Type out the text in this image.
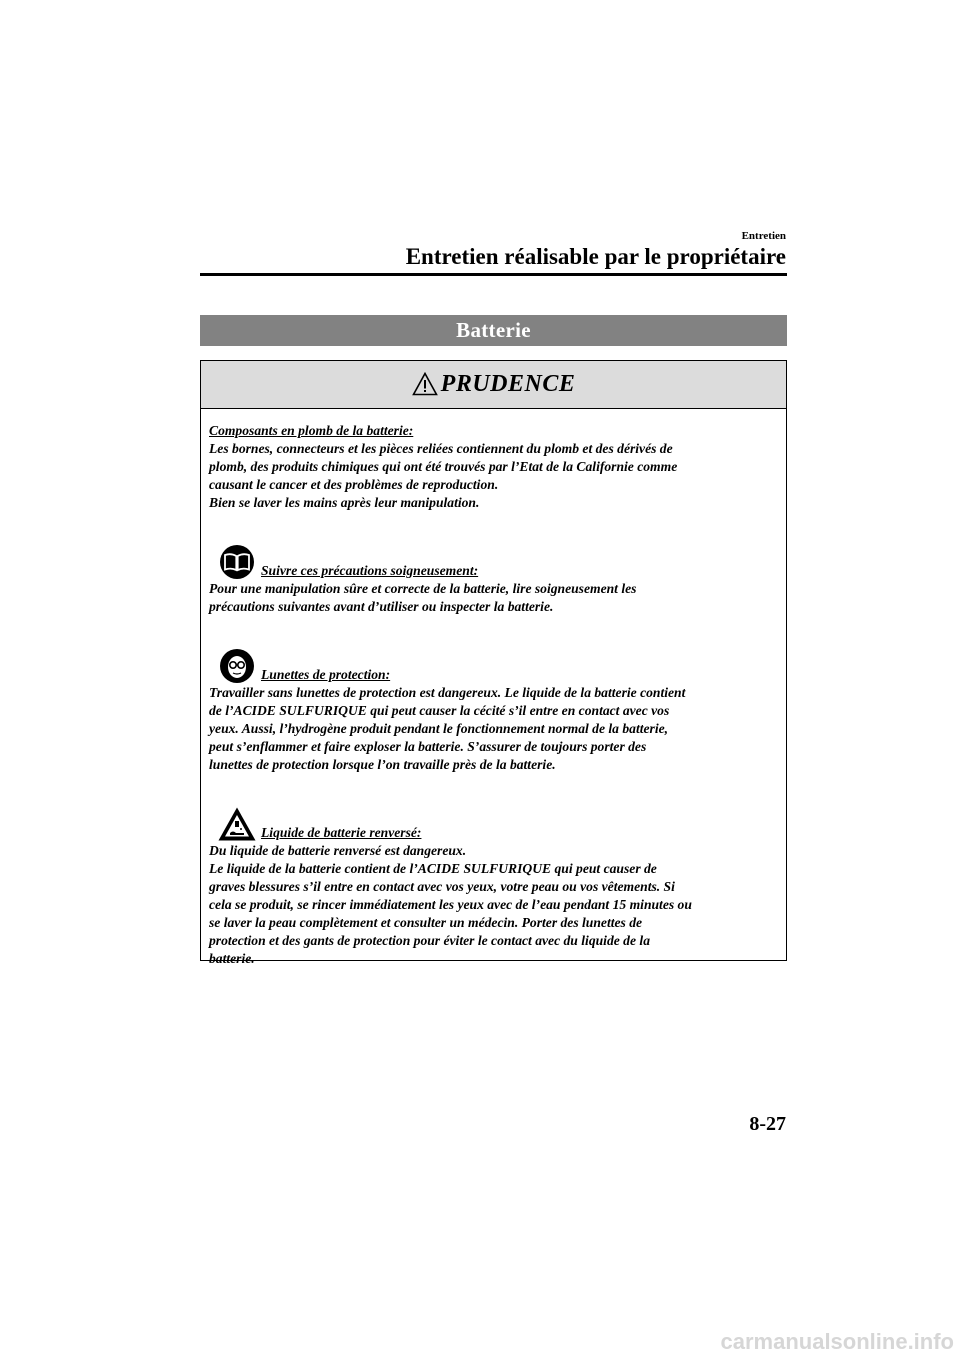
Entretien
Entretien réalisable par le propriétaire
Batterie
PRUDENCE

Composants en plomb de la batterie:

Les bornes, connecteurs et les pièces reliées contiennent du plomb et des dérivés de

plomb, des produits chimiques qui ont été trouvés par l’Etat de la Californie comme

causant le cancer et des problèmes de reproduction.

Bien se laver les mains après leur manipulation.

Suivre ces précautions soigneusement:

Pour une manipulation sûre et correcte de la batterie, lire soigneusement les

précautions suivantes avant d’utiliser ou inspecter la batterie.

Lunettes de protection:

Travailler sans lunettes de protection est dangereux. Le liquide de la batterie contient

de l’ACIDE SULFURIQUE qui peut causer la cécité s’il entre en contact avec vos

yeux. Aussi, l’hydrogène produit pendant le fonctionnement normal de la batterie,

peut s’enflammer et faire exploser la batterie. S’assurer de toujours porter des

lunettes de protection lorsque l’on travaille près de la batterie.

Liquide de batterie renversé:

Du liquide de batterie renversé est dangereux.

Le liquide de la batterie contient de l’ACIDE SULFURIQUE qui peut causer de

graves blessures s’il entre en contact avec vos yeux, votre peau ou vos vêtements. Si

cela se produit, se rincer immédiatement les yeux avec de l’eau pendant 15 minutes ou

se laver la peau complètement et consulter un médecin. Porter des lunettes de

protection et des gants de protection pour éviter le contact avec du liquide de la

batterie.

8-27
carmanualsonline.info
